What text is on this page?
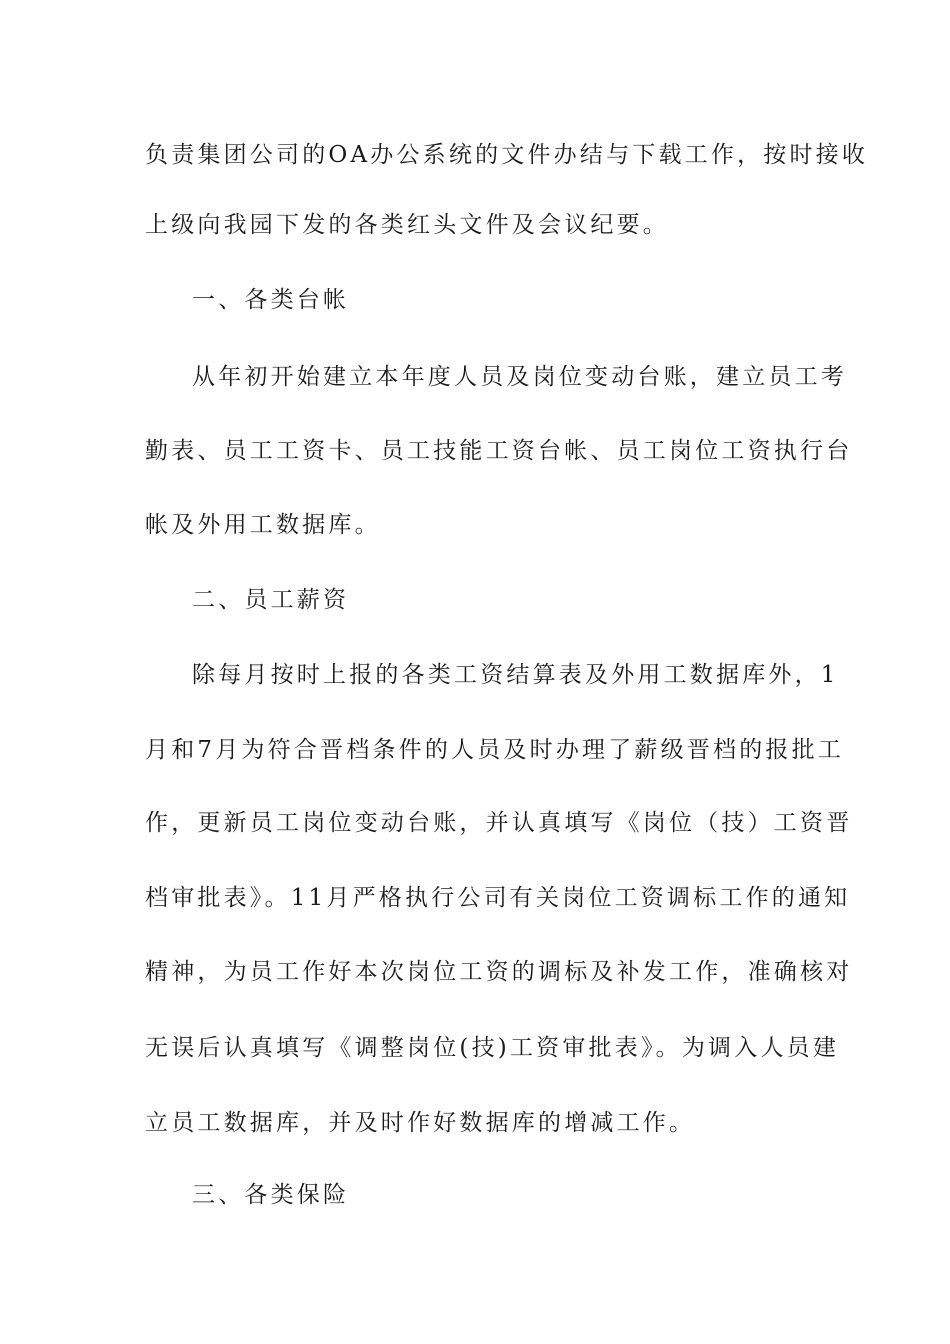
负责集团公司的OA办公系统的文件办结与下载工作，按时接收
上级向我园下发的各类红头文件及会议纪要。
一、各类台帐
从年初开始建立本年度人员及岗位变动台账，建立员工考
勤表、员工工资卡、员工技能工资台帐、员工岗位工资执行台
帐及外用工数据库。
二、员工薪资
除每月按时上报的各类工资结算表及外用工数据库外，1
月和7月为符合晋档条件的人员及时办理了薪级晋档的报批工
作，更新员工岗位变动台账，并认真填写《岗位（技）工资晋
档审批表》。11月严格执行公司有关岗位工资调标工作的通知
精神，为员工作好本次岗位工资的调标及补发工作，准确核对
无误后认真填写《调整岗位(技)工资审批表》。为调入人员建
立员工数据库，并及时作好数据库的增减工作。
三、各类保险
